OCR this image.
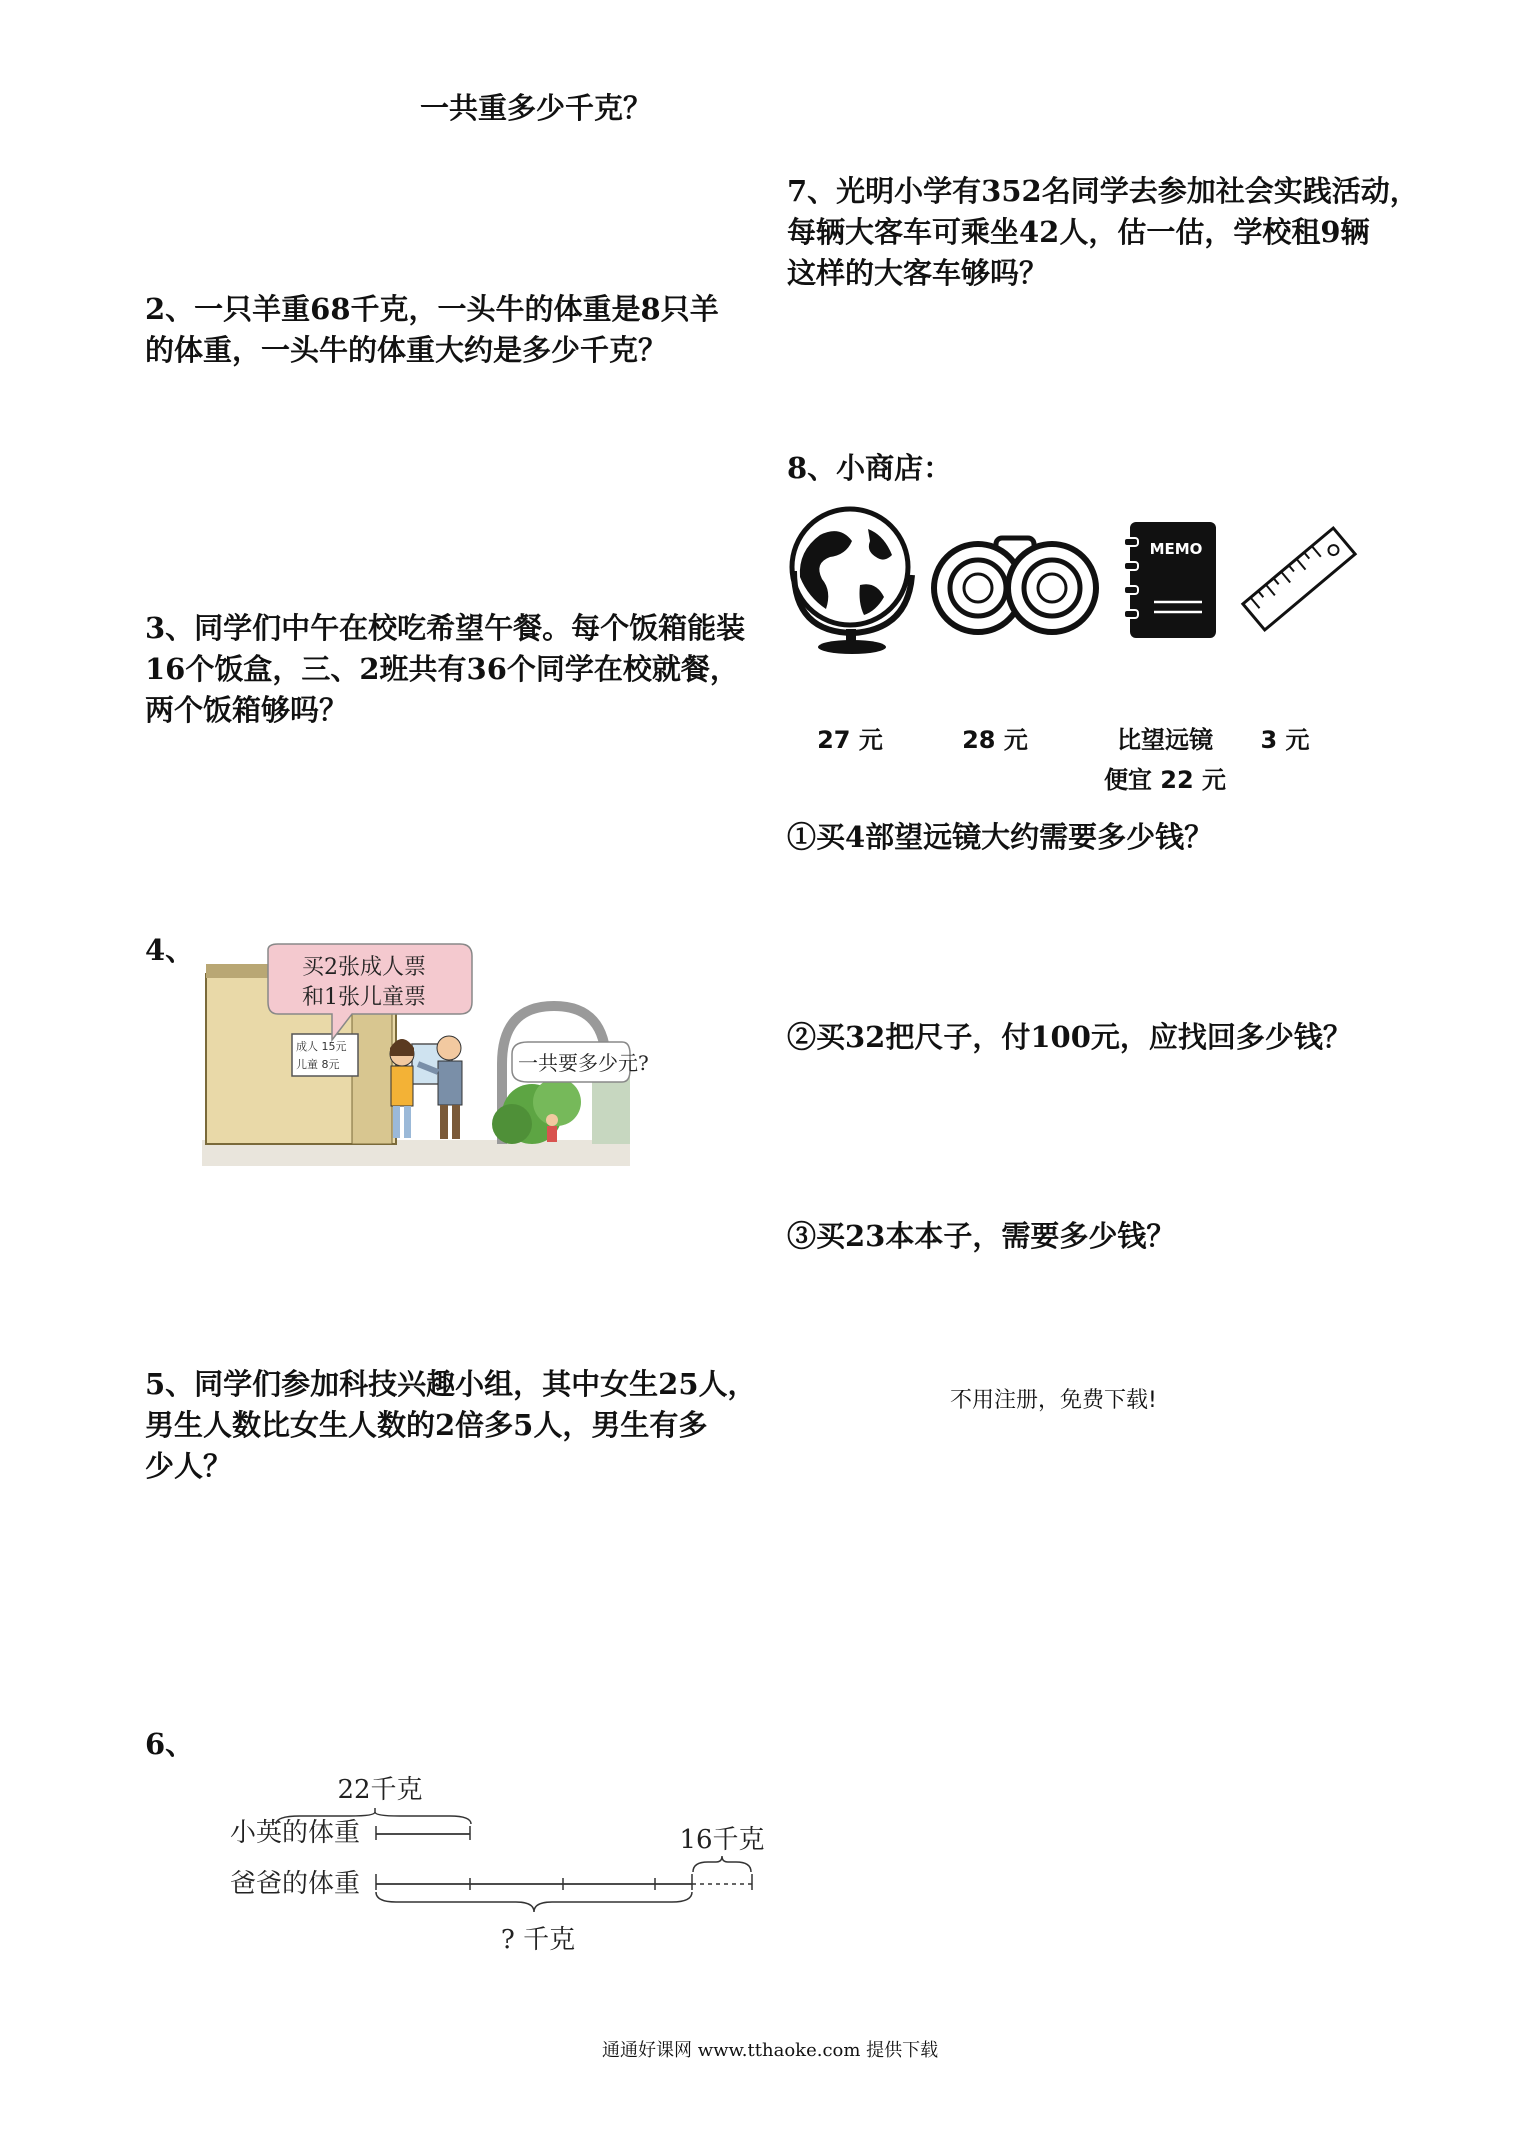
一共重多少千克？
2、一只羊重68千克，一头牛的体重是8只羊
的体重，一头牛的体重大约是多少千克？
3、同学们中午在校吃希望午餐。每个饭箱能装
16个饭盒，三、2班共有36个同学在校就餐，
两个饭箱够吗？
4、
成人 15元
儿童 8元
买2张成人票
和1张儿童票
一共要多少元?
5、同学们参加科技兴趣小组，其中女生25人，
男生人数比女生人数的2倍多5人，男生有多
少人？
6、
22千克
小英的体重	16千克
爸爸的体重
? 千克
7、光明小学有352名同学去参加社会实践活动，
每辆大客车可乘坐42人，估一估，学校租9辆
这样的大客车够吗？
8、小商店：
MEMO
27 元	28 元	比望远镜
便宜 22 元
3 元
①买4部望远镜大约需要多少钱？
②买32把尺子，付100元，应找回多少钱？
③买23本本子，需要多少钱？
不用注册，免费下载!
通通好课网 www.tthaoke.com 提供下载
